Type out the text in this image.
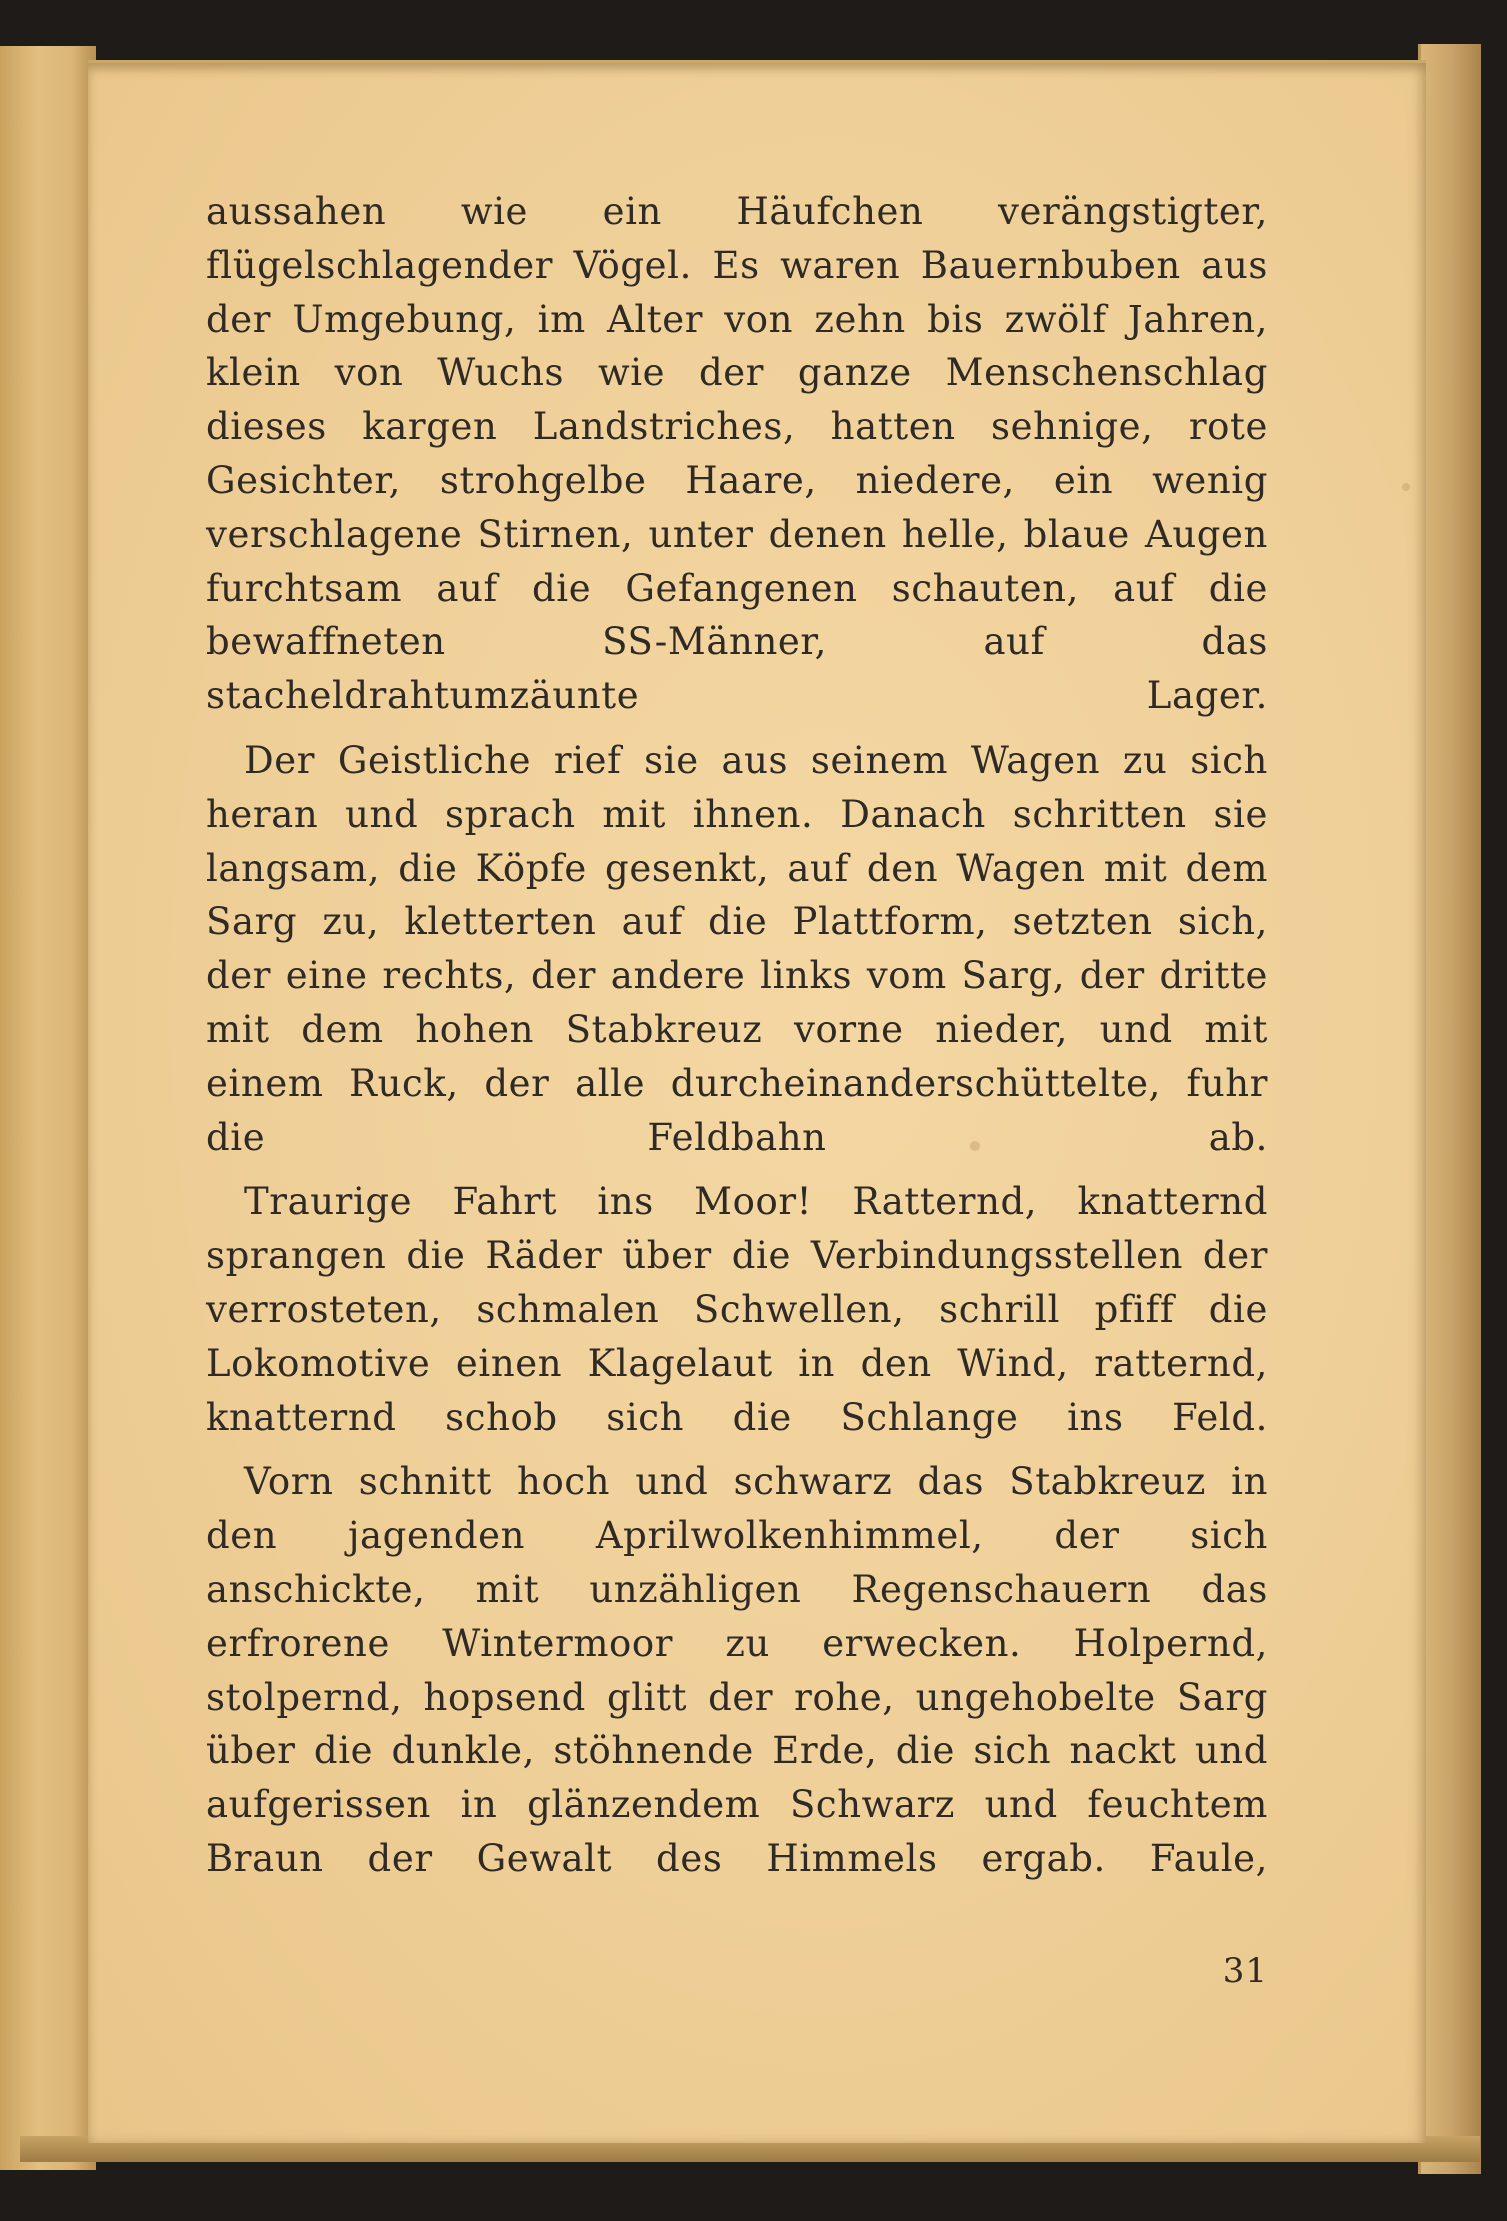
aussahen wie ein Häufchen verängstigter, flügelschlagender Vögel. Es waren Bauernbuben aus der Umgebung, im Alter von zehn bis zwölf Jahren, klein von Wuchs wie der ganze Menschenschlag dieses kargen Landstriches, hatten sehnige, rote Gesichter, strohgelbe Haare, niedere, ein wenig verschlagene Stirnen, unter denen helle, blaue Augen furchtsam auf die Gefangenen schauten, auf die bewaffneten SS-Männer, auf das stacheldrahtumzäunte Lager.

Der Geistliche rief sie aus seinem Wagen zu sich heran und sprach mit ihnen. Danach schritten sie langsam, die Köpfe gesenkt, auf den Wagen mit dem Sarg zu, kletterten auf die Plattform, setzten sich, der eine rechts, der andere links vom Sarg, der dritte mit dem hohen Stabkreuz vorne nieder, und mit einem Ruck, der alle durcheinanderschüttelte, fuhr die Feldbahn ab.

Traurige Fahrt ins Moor! Ratternd, knatternd sprangen die Räder über die Verbindungsstellen der verrosteten, schmalen Schwellen, schrill pfiff die Lokomotive einen Klagelaut in den Wind, ratternd, knatternd schob sich die Schlange ins Feld.

Vorn schnitt hoch und schwarz das Stabkreuz in den jagenden Aprilwolkenhimmel, der sich anschickte, mit unzähligen Regenschauern das erfrorene Wintermoor zu erwecken. Holpernd, stolpernd, hopsend glitt der rohe, ungehobelte Sarg über die dunkle, stöhnende Erde, die sich nackt und aufgerissen in glänzendem Schwarz und feuchtem Braun der Gewalt des Himmels ergab. Faule,

31
